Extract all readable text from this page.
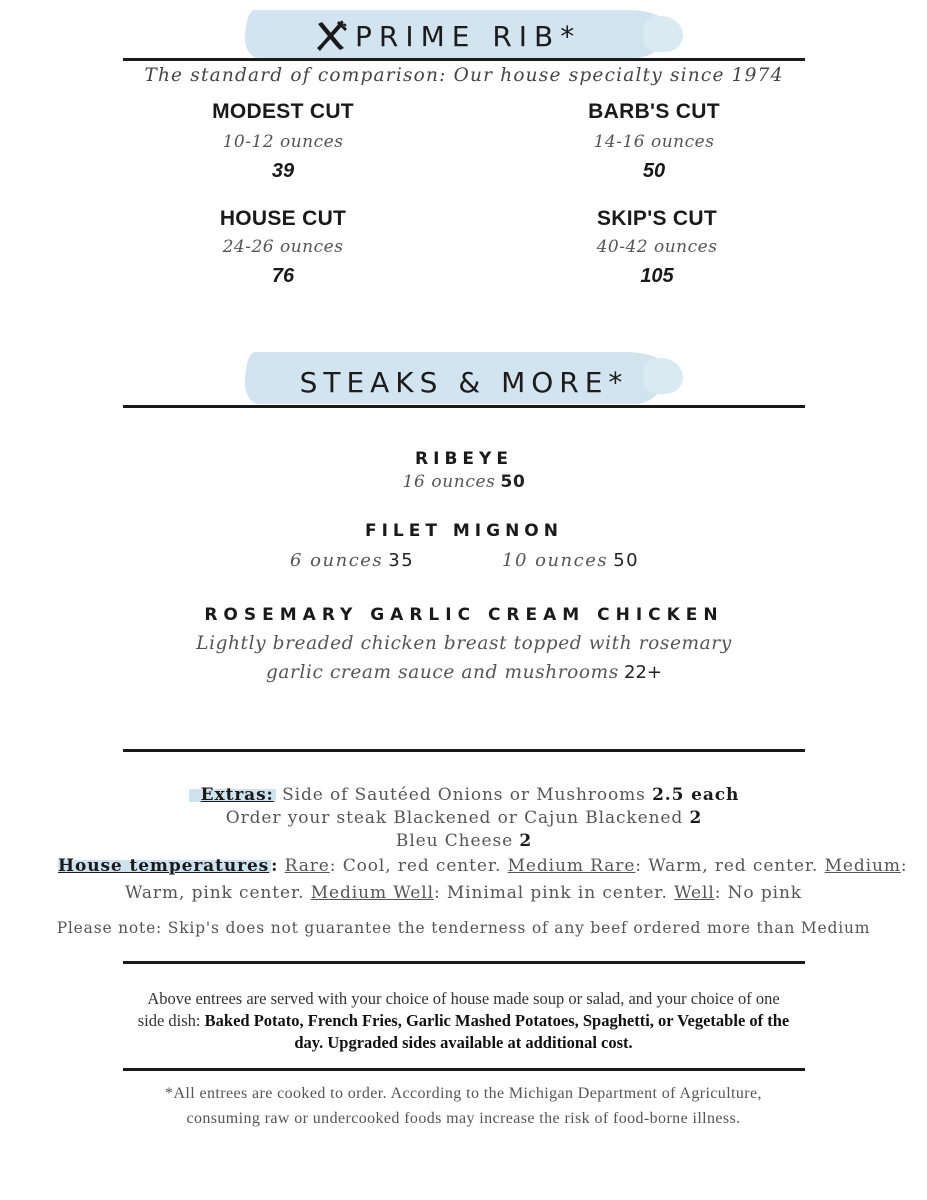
PRIME RIB*
The standard of comparison: Our house specialty since 1974
MODEST CUT
10-12 ounces
39
BARB'S CUT
14-16 ounces
50
HOUSE CUT
24-26 ounces
76
SKIP'S CUT
40-42 ounces
105
STEAKS & MORE*
RIBEYE
16 ounces 50
FILET MIGNON
6 ounces 35	10 ounces 50
ROSEMARY GARLIC CREAM CHICKEN
Lightly breaded chicken breast topped with rosemary
garlic cream sauce and mushrooms 22+
Extras: Side of Sautéed Onions or Mushrooms 2.5 each
Order your steak Blackened or Cajun Blackened 2
Bleu Cheese 2
House temperatures : Rare: Cool, red center. Medium Rare: Warm, red center. Medium:
Warm, pink center. Medium Well: Minimal pink in center. Well: No pink
Please note: Skip's does not guarantee the tenderness of any beef ordered more than Medium
Above entrees are served with your choice of house made soup or salad, and your choice of one
side dish: Baked Potato, French Fries, Garlic Mashed Potatoes, Spaghetti, or Vegetable of the
day. Upgraded sides available at additional cost.
*All entrees are cooked to order. According to the Michigan Department of Agriculture,
consuming raw or undercooked foods may increase the risk of food-borne illness.
